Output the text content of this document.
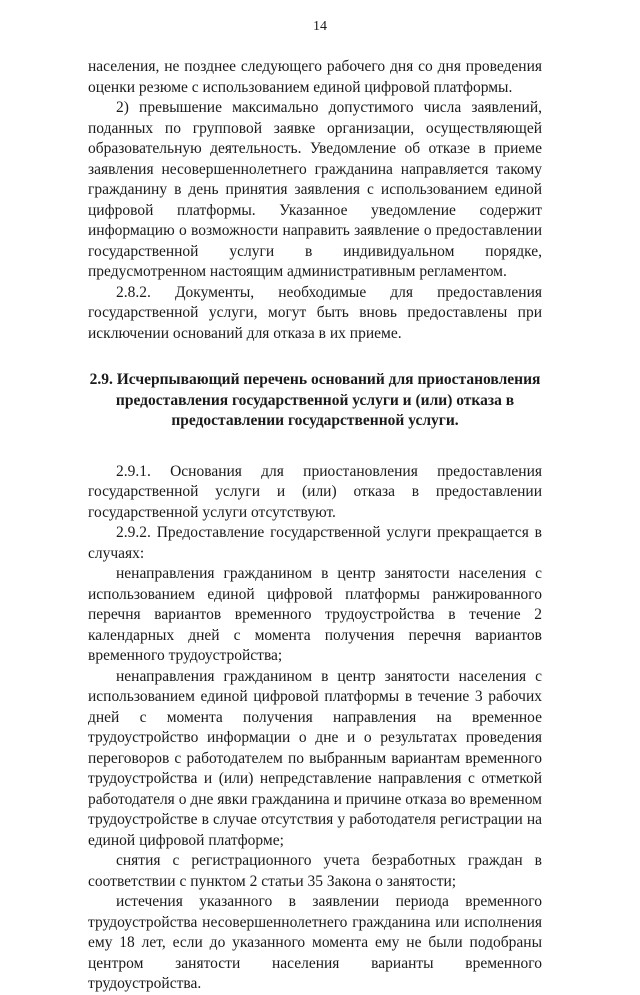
14

населения, не позднее следующего рабочего дня со дня проведения оценки резюме с использованием единой цифровой платформы.

2) превышение максимально допустимого числа заявлений, поданных по групповой заявке организации, осуществляющей образовательную деятельность. Уведомление об отказе в приеме заявления несовершеннолетнего гражданина направляется такому гражданину в день принятия заявления с использованием единой цифровой платформы. Указанное уведомление содержит информацию о возможности направить заявление о предоставлении государственной услуги в индивидуальном порядке, предусмотренном настоящим административным регламентом.

2.8.2. Документы, необходимые для предоставления государственной услуги, могут быть вновь предоставлены при исключении оснований для отказа в их приеме.

2.9. Исчерпывающий перечень оснований для приостановления предоставления государственной услуги и (или) отказа в предоставлении государственной услуги.

2.9.1. Основания для приостановления предоставления государственной услуги и (или) отказа в предоставлении государственной услуги отсутствуют.

2.9.2. Предоставление государственной услуги прекращается в случаях:

ненаправления гражданином в центр занятости населения с использованием единой цифровой платформы ранжированного перечня вариантов временного трудоустройства в течение 2 календарных дней с момента получения перечня вариантов временного трудоустройства;

ненаправления гражданином в центр занятости населения с использованием единой цифровой платформы в течение 3 рабочих дней с момента получения направления на временное трудоустройство информации о дне и о результатах проведения переговоров с работодателем по выбранным вариантам временного трудоустройства и (или) непредставление направления с отметкой работодателя о дне явки гражданина и причине отказа во временном трудоустройстве в случае отсутствия у работодателя регистрации на единой цифровой платформе;

снятия с регистрационного учета безработных граждан в соответствии с пунктом 2 статьи 35 Закона о занятости;

истечения указанного в заявлении периода временного трудоустройства несовершеннолетнего гражданина или исполнения ему 18 лет, если до указанного момента ему не были подобраны центром занятости населения варианты временного трудоустройства.
